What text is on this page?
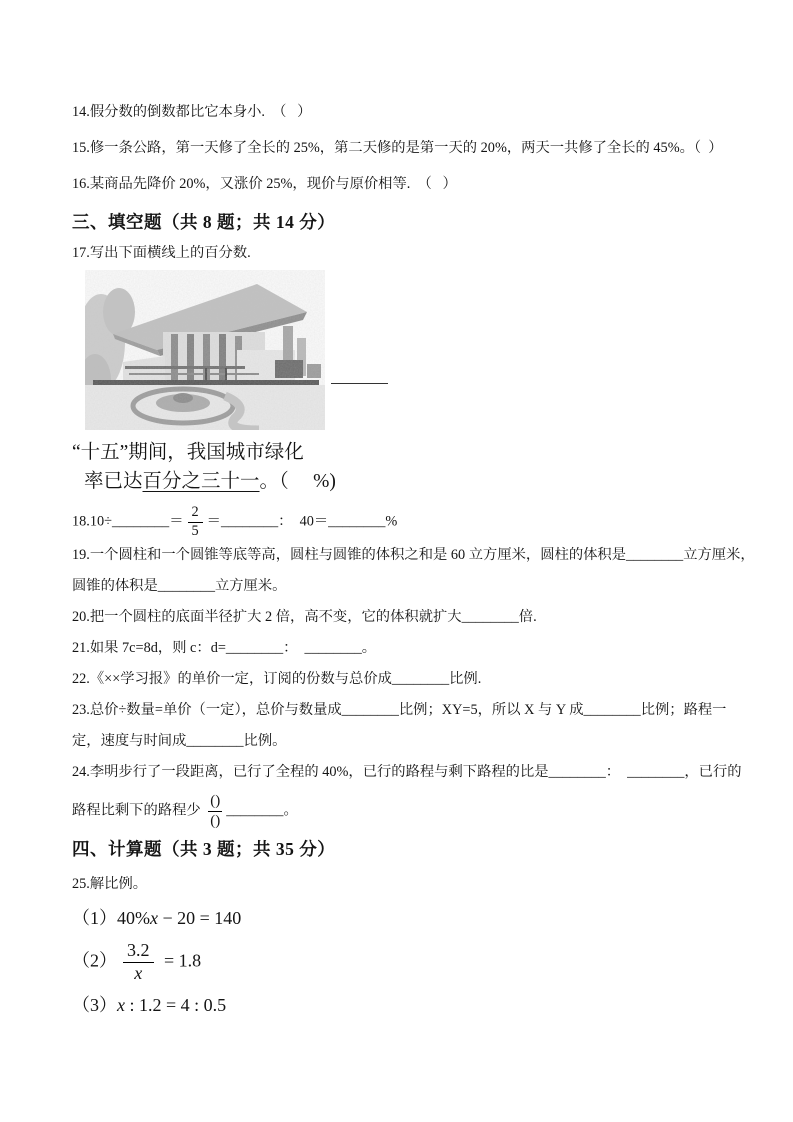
14.假分数的倒数都比它本身小.  （   ）

15.修一条公路，第一天修了全长的 25%，第二天修的是第一天的 20%，两天一共修了全长的 45%。（  ）

16.某商品先降价 20%，又涨价 25%，现价与原价相等.  （   ）

三、填空题（共 8 题；共 14 分）

17.写出下面横线上的百分数.

“十五”期间，我国城市绿化

率已达百分之三十一。（　 %)

18.10÷________＝ $\frac{2}{5}$ ＝________：  40＝________%

19.一个圆柱和一个圆锥等底等高，圆柱与圆锥的体积之和是 60 立方厘米，圆柱的体积是________立方厘米，

圆锥的体积是________立方厘米。

20.把一个圆柱的底面半径扩大 2 倍，高不变，它的体积就扩大________倍.

21.如果 7c=8d，则 c：d=________：  ________。

22.《××学习报》的单价一定，订阅的份数与总价成________比例.

23.总价÷数量=单价（一定），总价与数量成________比例；XY=5，所以 X 与 Y 成________比例；路程一

定，速度与时间成________比例。

24.李明步行了一段距离，已行了全程的 40%，已行的路程与剩下路程的比是________：  ________，已行的

路程比剩下的路程少 $\frac{()}{()}$ ________。

四、计算题（共 3 题；共 35 分）

25.解比例。

（1）40%x − 20 = 140

$(2) \frac{3.2}{x} = 1.8$

（3）x : 1.2 = 4 : 0.5
